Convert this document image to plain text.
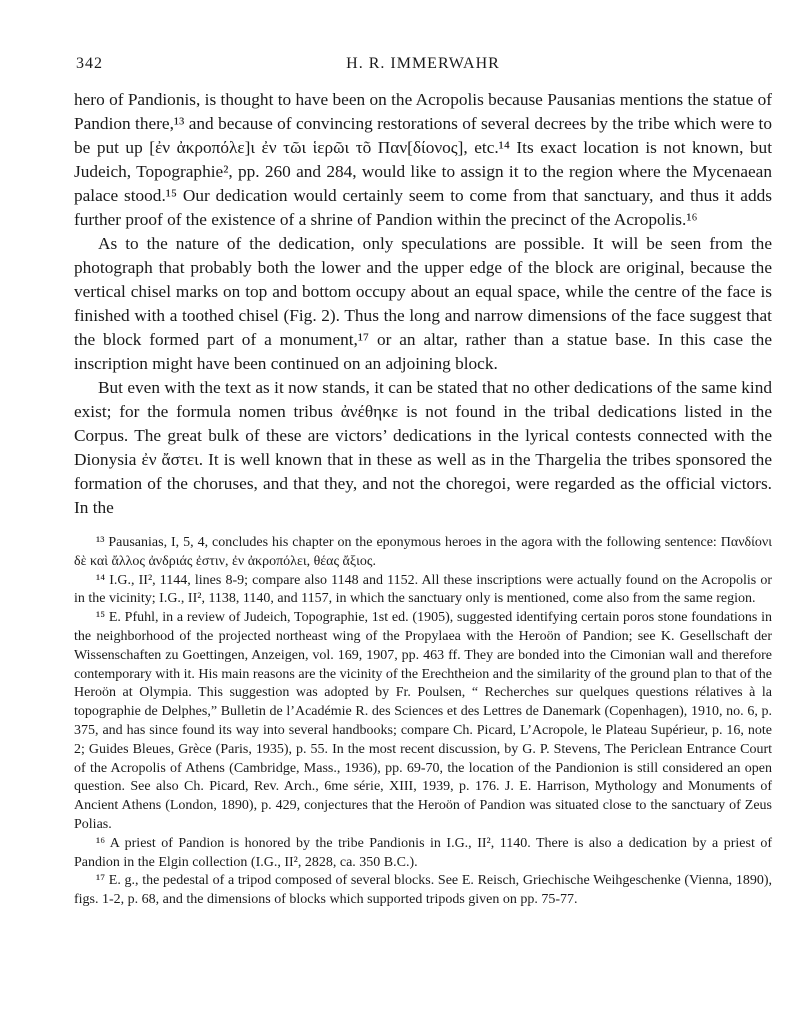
342	H. R. IMMERWAHR

hero of Pandionis, is thought to have been on the Acropolis because Pausanias mentions the statue of Pandion there,¹³ and because of convincing restorations of several decrees by the tribe which were to be put up [ἐν ἀκροπόλε]ι ἐν τῶι ἱερῶι τõ Παν[δίονος], etc.¹⁴ Its exact location is not known, but Judeich, Topographie², pp. 260 and 284, would like to assign it to the region where the Mycenaean palace stood.¹⁵ Our dedication would certainly seem to come from that sanctuary, and thus it adds further proof of the existence of a shrine of Pandion within the precinct of the Acropolis.¹⁶

As to the nature of the dedication, only speculations are possible. It will be seen from the photograph that probably both the lower and the upper edge of the block are original, because the vertical chisel marks on top and bottom occupy about an equal space, while the centre of the face is finished with a toothed chisel (Fig. 2). Thus the long and narrow dimensions of the face suggest that the block formed part of a monument,¹⁷ or an altar, rather than a statue base. In this case the inscription might have been continued on an adjoining block.

But even with the text as it now stands, it can be stated that no other dedications of the same kind exist; for the formula nomen tribus ἀνέθηκε is not found in the tribal dedications listed in the Corpus. The great bulk of these are victors’ dedications in the lyrical contests connected with the Dionysia ἐν ἄστει. It is well known that in these as well as in the Thargelia the tribes sponsored the formation of the choruses, and that they, and not the choregoi, were regarded as the official victors. In the

¹³ Pausanias, I, 5, 4, concludes his chapter on the eponymous heroes in the agora with the following sentence: Πανδίονι δὲ καὶ ἄλλος ἀνδριάς ἐστιν, ἐν ἀκροπόλει, θέας ἄξιος.

¹⁴ I.G., II², 1144, lines 8-9; compare also 1148 and 1152. All these inscriptions were actually found on the Acropolis or in the vicinity; I.G., II², 1138, 1140, and 1157, in which the sanctuary only is mentioned, come also from the same region.

¹⁵ E. Pfuhl, in a review of Judeich, Topographie, 1st ed. (1905), suggested identifying certain poros stone foundations in the neighborhood of the projected northeast wing of the Propylaea with the Heroön of Pandion; see K. Gesellschaft der Wissenschaften zu Goettingen, Anzeigen, vol. 169, 1907, pp. 463 ff. They are bonded into the Cimonian wall and therefore contemporary with it. His main reasons are the vicinity of the Erechtheion and the similarity of the ground plan to that of the Heroön at Olympia. This suggestion was adopted by Fr. Poulsen, “ Recherches sur quelques questions rélatives à la topographie de Delphes,” Bulletin de l’Académie R. des Sciences et des Lettres de Danemark (Copenhagen), 1910, no. 6, p. 375, and has since found its way into several handbooks; compare Ch. Picard, L’Acropole, le Plateau Supérieur, p. 16, note 2; Guides Bleues, Grèce (Paris, 1935), p. 55. In the most recent discussion, by G. P. Stevens, The Periclean Entrance Court of the Acropolis of Athens (Cambridge, Mass., 1936), pp. 69-70, the location of the Pandionion is still considered an open question. See also Ch. Picard, Rev. Arch., 6me série, XIII, 1939, p. 176. J. E. Harrison, Mythology and Monuments of Ancient Athens (London, 1890), p. 429, conjectures that the Heroön of Pandion was situated close to the sanctuary of Zeus Polias.

¹⁶ A priest of Pandion is honored by the tribe Pandionis in I.G., II², 1140. There is also a dedication by a priest of Pandion in the Elgin collection (I.G., II², 2828, ca. 350 B.C.).

¹⁷ E. g., the pedestal of a tripod composed of several blocks. See E. Reisch, Griechische Weihgeschenke (Vienna, 1890), figs. 1-2, p. 68, and the dimensions of blocks which supported tripods given on pp. 75-77.
